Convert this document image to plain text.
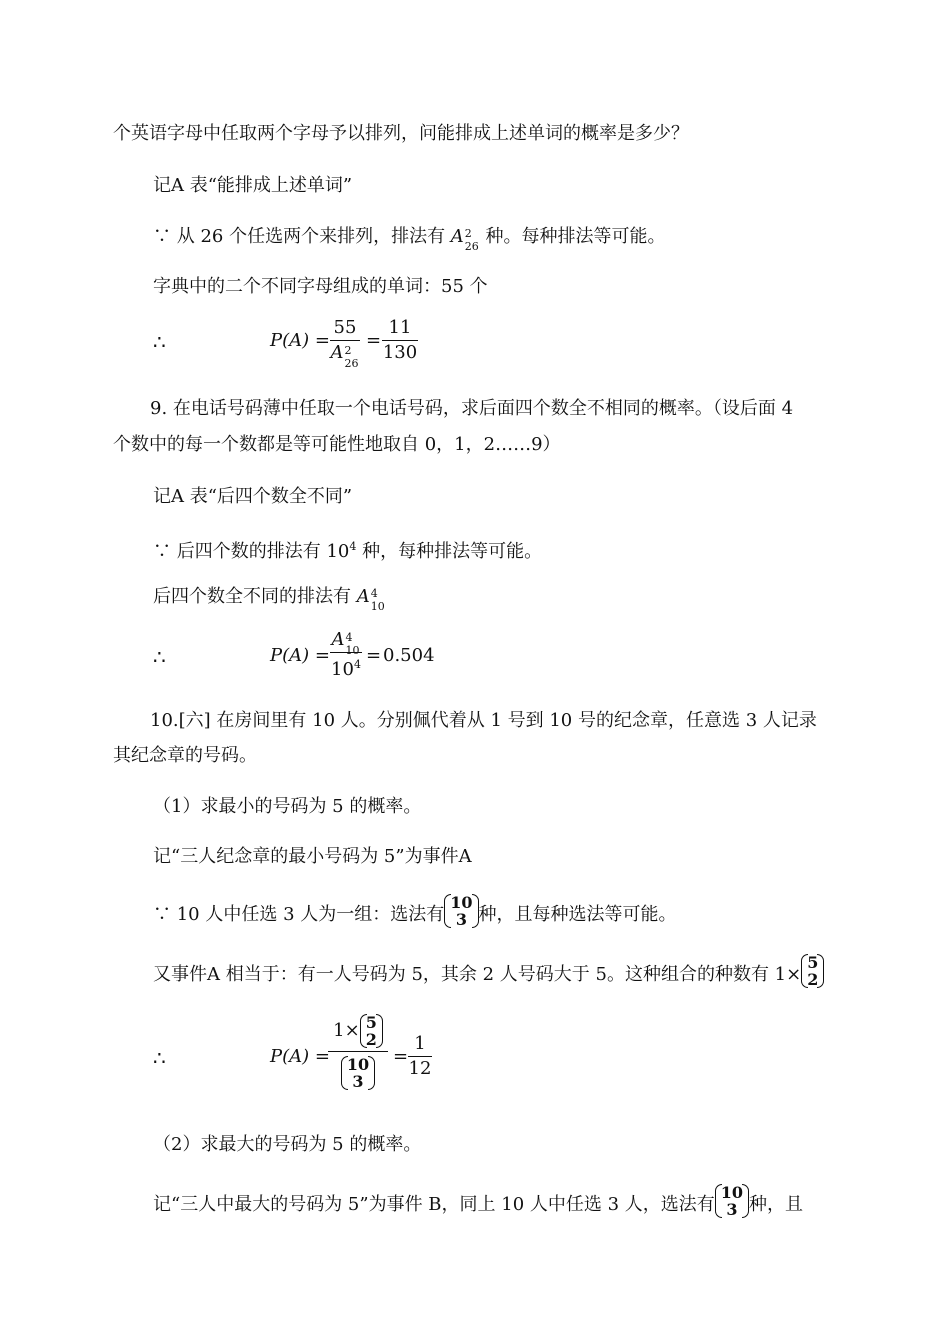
个英语字母中任取两个字母予以排列，问能排成上述单词的概率是多少？
记A 表“能排成上述单词”
∵ 从 26 个任选两个来排列，排法有 A 2
26 种。每种排法等可能。
字典中的二个不同字母组成的单词：55 个
∴	P(A) =
55
A 2
26
=
11
130
9. 在电话号码薄中任取一个电话号码，求后面四个数全不相同的概率。（设后面 4
个数中的每一个数都是等可能性地取自 0，1，2……9）
记A 表“后四个数全不同”
∵ 后四个数的排法有 $10^4$ 种，每种排法等可能。
后四个数全不同的排法有 A 4
10
∴	P(A) =
A 4
10
$10^4 = 0.504$
10.[六] 在房间里有 10 人。分别佩代着从 1 号到 10 号的纪念章，任意选 3 人记录
其纪念章的号码。
（1）求最小的号码为 5 的概率。
记“三人纪念章的最小号码为 5”为事件A
∵ 10 人中任选 3 人为一组：选法有
10
3 种，且每种选法等可能。
又事件A 相当于：有一人号码为 5，其余 2 人号码大于 5。这种组合的种数有 1×
5
2
∴	P(A) =
1× 5
2
10
3
=
1
12
（2）求最大的号码为 5 的概率。
记“三人中最大的号码为 5”为事件 B，同上 10 人中任选 3 人，选法有
10
3 种，且
